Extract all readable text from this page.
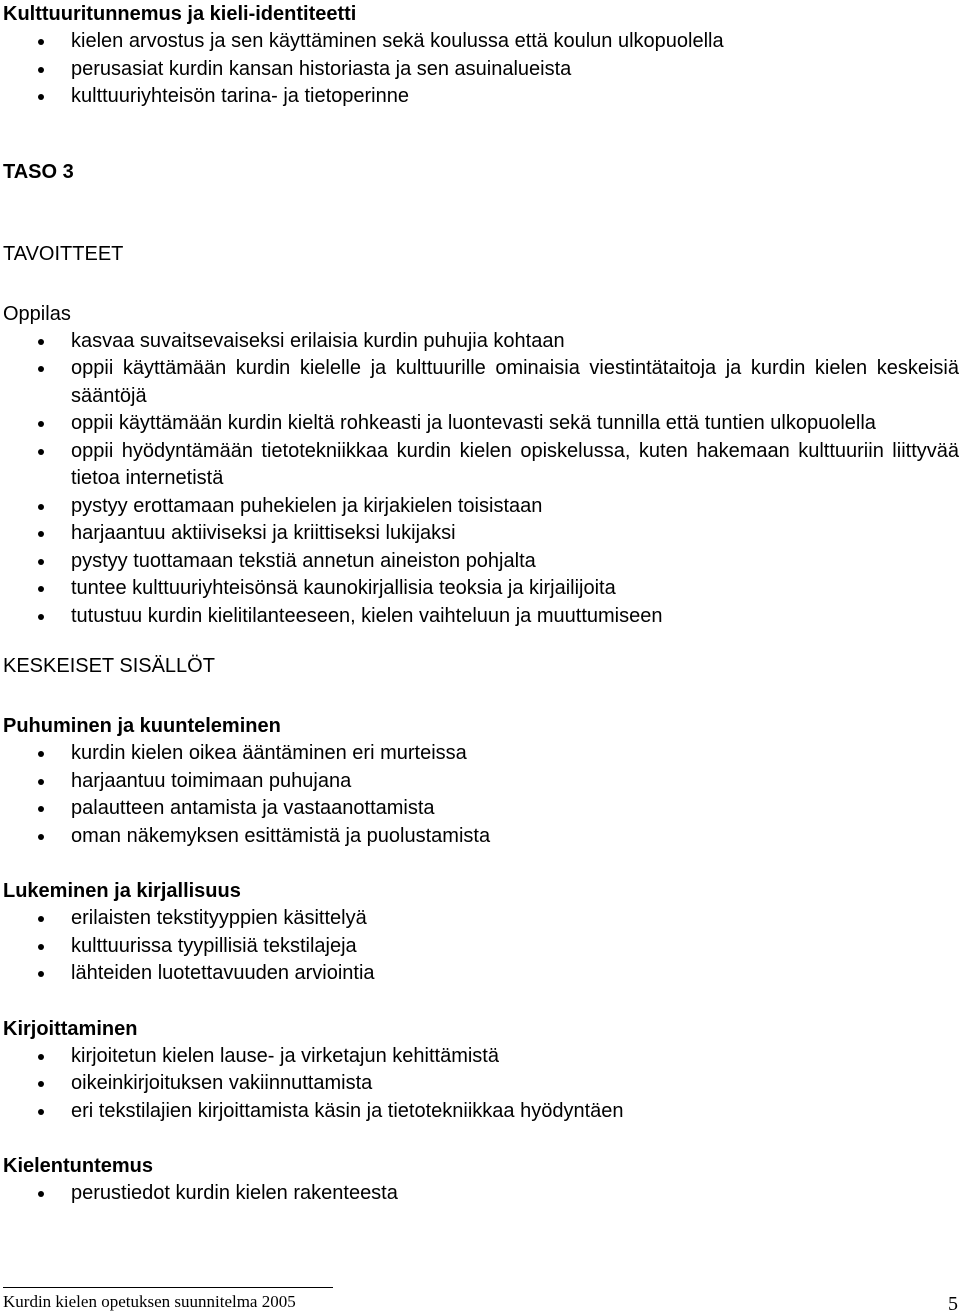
Kulttuuritunnemus ja kieli-identiteetti
kielen arvostus ja sen käyttäminen sekä koulussa että koulun ulkopuolella
perusasiat kurdin kansan historiasta ja sen asuinalueista
kulttuuriyhteisön tarina- ja tietoperinne
TASO 3
TAVOITTEET
Oppilas
kasvaa suvaitsevaiseksi erilaisia kurdin puhujia kohtaan
oppii käyttämään kurdin kielelle ja kulttuurille ominaisia viestintätaitoja ja kurdin kielen keskeisiä sääntöjä
oppii käyttämään kurdin kieltä rohkeasti ja luontevasti sekä tunnilla että tuntien ulkopuolella
oppii hyödyntämään tietotekniikkaa kurdin kielen opiskelussa, kuten hakemaan kulttuuriin liittyvää tietoa internetistä
pystyy erottamaan puhekielen ja kirjakielen toisistaan
harjaantuu aktiiviseksi ja kriittiseksi lukijaksi
pystyy tuottamaan tekstiä annetun aineiston pohjalta
tuntee kulttuuriyhteisönsä kaunokirjallisia teoksia ja kirjailijoita
tutustuu kurdin kielitilanteeseen, kielen vaihteluun ja muuttumiseen
KESKEISET SISÄLLÖT
Puhuminen ja kuunteleminen
kurdin kielen oikea ääntäminen eri murteissa
harjaantuu toimimaan puhujana
palautteen antamista ja vastaanottamista
oman näkemyksen esittämistä ja puolustamista
Lukeminen ja kirjallisuus
erilaisten tekstityyppien käsittelyä
kulttuurissa tyypillisiä tekstilajeja
lähteiden luotettavuuden arviointia
Kirjoittaminen
kirjoitetun kielen lause- ja virketajun kehittämistä
oikeinkirjoituksen vakiinnuttamista
eri tekstilajien kirjoittamista käsin ja tietotekniikkaa hyödyntäen
Kielentuntemus
perustiedot kurdin kielen rakenteesta
Kurdin kielen opetuksen suunnitelma 2005	5
